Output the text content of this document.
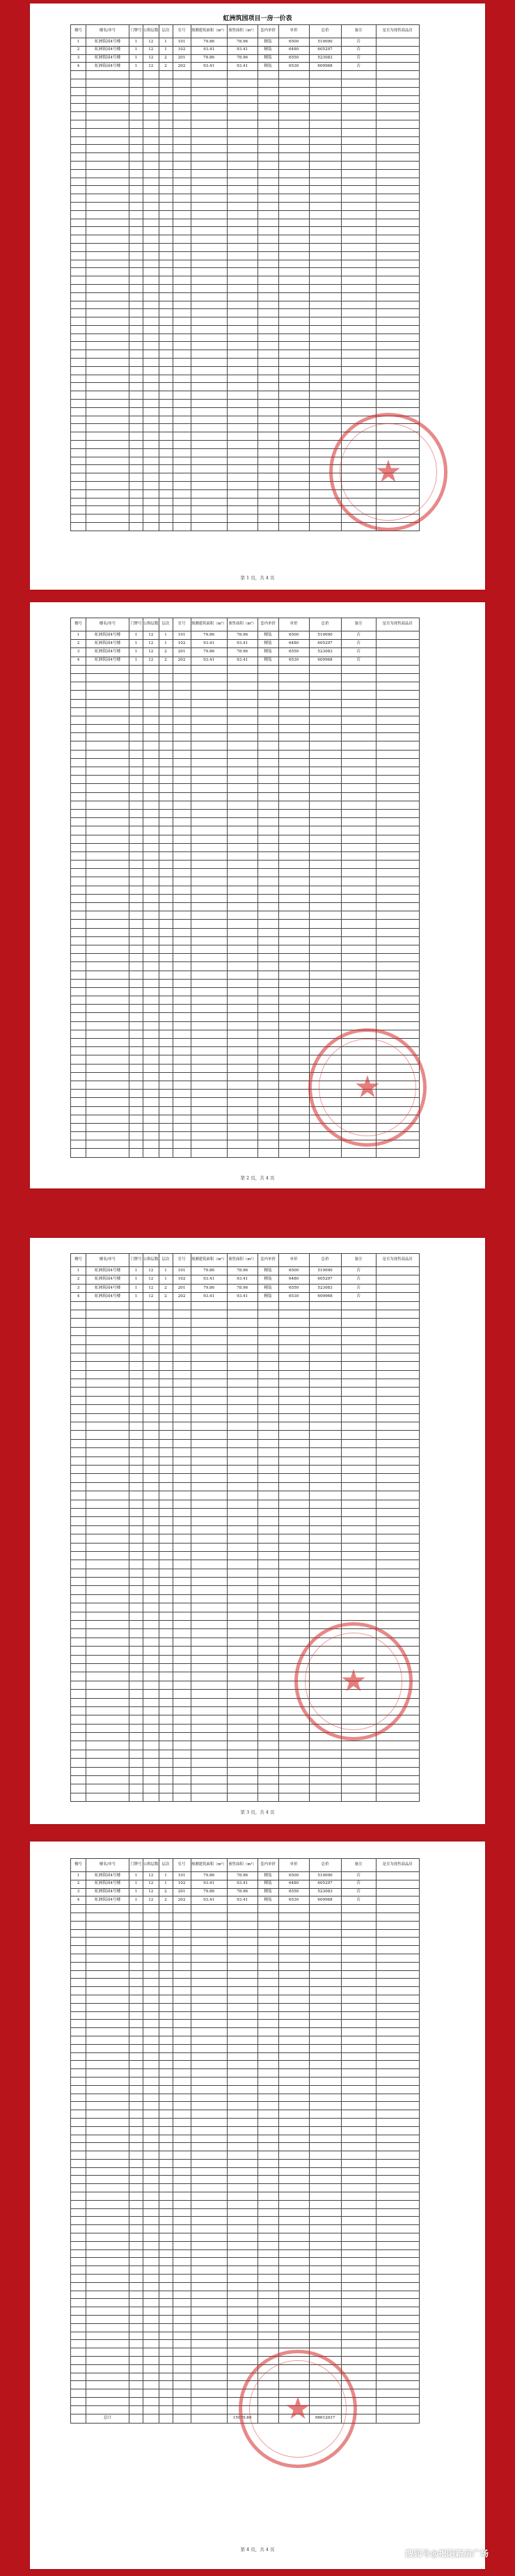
虹洲筑园项目一房一价表
楼号	楼名/单号	门牌号	公称层数	层次	室号	预测建筑面积（m²）	预售面积（m²）	套内单价	单价	总价	备注	是否为现售商品房
1	虹洲筑园4号楼	1	12	1	101	79.86	78.96	精装	6500	519090	否	
2	虹洲筑园4号楼	1	12	1	102	93.41	93.41	精装	6480	605297	否	
3	虹洲筑园4号楼	1	12	2	201	79.86	78.96	精装	6550	523083	否	
4	虹洲筑园4号楼	1	12	2	202	93.41	93.41	精装	6530	609968	否	

★
第 1 页，共 4 页
楼号	楼名/单号	门牌号	公称层数	层次	室号	预测建筑面积（m²）	预售面积（m²）	套内单价	单价	总价	备注	是否为现售商品房
1	虹洲筑园4号楼	1	12	1	101	79.86	78.96	精装	6500	519090	否	
2	虹洲筑园4号楼	1	12	1	102	93.41	93.41	精装	6480	605297	否	
3	虹洲筑园4号楼	1	12	2	201	79.86	78.96	精装	6550	523083	否	
4	虹洲筑园4号楼	1	12	2	202	93.41	93.41	精装	6530	609968	否	

★
第 2 页，共 4 页
楼号	楼名/单号	门牌号	公称层数	层次	室号	预测建筑面积（m²）	预售面积（m²）	套内单价	单价	总价	备注	是否为现售商品房
1	虹洲筑园4号楼	1	12	1	101	79.86	78.96	精装	6500	519090	否	
2	虹洲筑园4号楼	1	12	1	102	93.41	93.41	精装	6480	605297	否	
3	虹洲筑园4号楼	1	12	2	201	79.86	78.96	精装	6550	523083	否	
4	虹洲筑园4号楼	1	12	2	202	93.41	93.41	精装	6530	609968	否	

★
第 3 页，共 4 页
楼号	楼名/单号	门牌号	公称层数	层次	室号	预测建筑面积（m²）	预售面积（m²）	套内单价	单价	总价	备注	是否为现售商品房
1	虹洲筑园4号楼	1	12	1	101	79.86	78.96	精装	6500	519090	否	
2	虹洲筑园4号楼	1	12	1	102	93.41	93.41	精装	6480	605297	否	
3	虹洲筑园4号楼	1	12	2	201	79.86	78.96	精装	6550	523083	否	
4	虹洲筑园4号楼	1	12	2	202	93.41	93.41	精装	6530	609968	否	

	总计						15079.80			98612037		
★
第 4 页，共 4 页	搜狐号@揭阳新房广场
